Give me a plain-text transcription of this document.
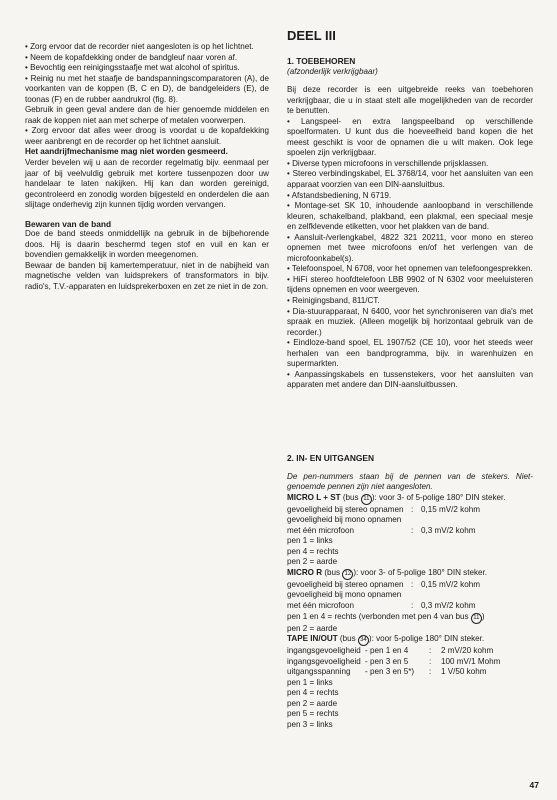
• Zorg ervoor dat de recorder niet aangesloten is op het lichtnet.

• Neem de kopafdekking onder de bandgleuf naar voren af.

• Bevochtig een reinigingsstaafje met wat alcohol of spiritus.

• Reinig nu met het staafje de bandspanningscomparatoren (A), de voorkanten van de koppen (B, C en D), de bandgeleiders (E), de toonas (F) en de rubber aandrukrol (fig. 8).

Gebruik in geen geval andere dan de hier genoemde middelen en raak de koppen niet aan met scherpe of metalen voorwerpen.

• Zorg ervoor dat alles weer droog is voordat u de kopafdekking weer aanbrengt en de recorder op het lichtnet aansluit.

Het aandrijfmechanisme mag niet worden gesmeerd.

Verder bevelen wij u aan de recorder regelmatig bijv. eenmaal per jaar of bij veelvuldig gebruik met kortere tussenpozen door uw handelaar te laten nakijken. Hij kan dan worden gereinigd, gecontroleerd en zonodig worden bijgesteld en onderdelen die aan slijtage onderhevig zijn kunnen tijdig worden vervangen.

Bewaren van de band

Doe de band steeds onmiddellijk na gebruik in de bijbehorende doos. Hij is daarin beschermd tegen stof en vuil en kan er bovendien gemakkelijk in worden meegenomen.

Bewaar de banden bij kamertemperatuur, niet in de nabijheid van magnetische velden van luidsprekers of transformators in bijv. radio's, T.V.-apparaten en luidsprekerboxen en zet ze niet in de zon.

DEEL III

1. TOEBEHOREN

(afzonderlijk verkrijgbaar)

Bij deze recorder is een uitgebreide reeks van toebehoren verkrijgbaar, die u in staat stelt alle mogelijkheden van de recorder te benutten.

• Langspeel- en extra langspeelband op verschillende spoelformaten. U kunt dus die hoeveelheid band kopen die het meest geschikt is voor de opnamen die u wilt maken. Ook lege spoelen zijn verkrijgbaar.

• Diverse typen microfoons in verschillende prijsklassen.

• Stereo verbindingskabel, EL 3768/14, voor het aansluiten van een apparaat voorzien van een DIN-aansluitbus.

• Afstandsbediening, N 6719.

• Montage-set SK 10, inhoudende aanloopband in verschillende kleuren, schakelband, plakband, een plakmal, een speciaal mesje en zelfklevende etiketten, voor het plakken van de band.

• Aansluit-/verlengkabel, 4822 321 20211, voor mono en stereo opnemen met twee microfoons en/of het verlengen van de microfoonkabel(s).

• Telefoonspoel, N 6708, voor het opnemen van telefoongesprekken.

• HiFi stereo hoofdtelefoon LBB 9902 of N 6302 voor meeluisteren tijdens opnemen en voor weergeven.

• Reinigingsband, 811/CT.

• Dia-stuurapparaat, N 6400, voor het synchroniseren van dia's met spraak en muziek. (Alleen mogelijk bij horizontaal gebruik van de recorder.)

• Eindloze-band spoel, EL 1907/52 (CE 10), voor het steeds weer herhalen van een bandprogramma, bijv. in warenhuizen en supermarkten.

• Aanpassingskabels en tussenstekers, voor het aansluiten van apparaten met andere dan DIN-aansluitbussen.

2. IN- EN UITGANGEN

De pen-nummers staan bij de pennen van de stekers. Niet-genoemde pennen zijn niet aangesloten.

MICRO L + ST (bus 11 ): voor 3- of 5-polige 180° DIN steker.

gevoeligheid bij stereo opnamen : 0,15 mV/2 kohm
gevoeligheid bij mono opnamen
met één microfoon	: 0,3 mV/2 kohm

pen 1 = links

pen 4 = rechts

pen 2 = aarde

MICRO R (bus 12 ): voor 3- of 5-polige 180° DIN steker.

gevoeligheid bij stereo opnamen : 0,15 mV/2 kohm
gevoeligheid bij mono opnamen
met één microfoon	: 0,3 mV/2 kohm

pen 1 en 4 = rechts (verbonden met pen 4 van bus 11 )

pen 2 = aarde

TAPE IN/OUT (bus 34 ): voor 5-polige 180° DIN steker.

ingangsgevoeligheid - pen 1 en 4	:	2 mV/20 kohm
ingangsgevoeligheid - pen 3 en 5	:	100 mV/1 Mohm
uitgangsspanning	- pen 3 en 5*)	:	1 V/50 kohm

pen 1 = links

pen 4 = rechts

pen 2 = aarde

pen 5 = rechts

pen 3 = links

47
